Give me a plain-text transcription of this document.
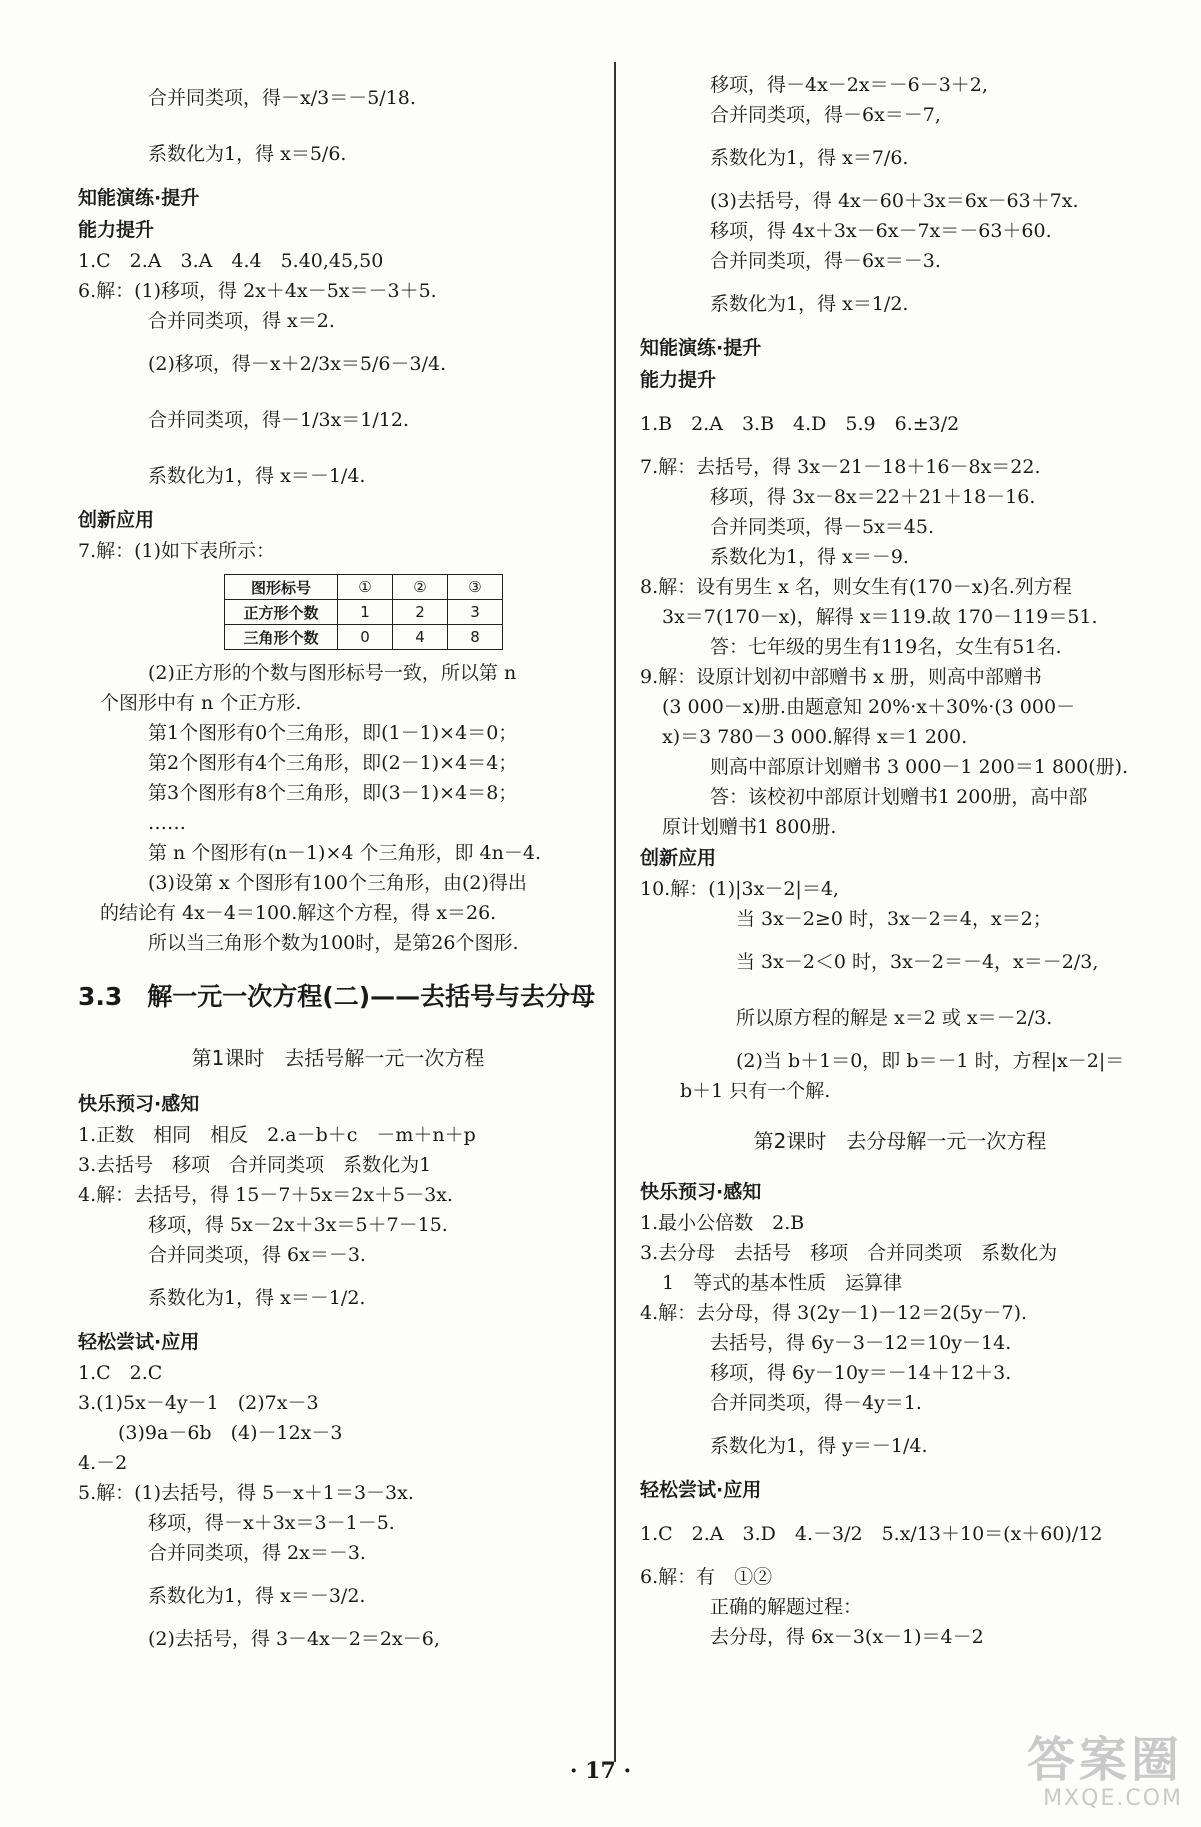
合并同类项，得－x/3＝－5/18.
系数化为1，得 x＝5/6.
知能演练·提升
能力提升
1.C　2.A　3.A　4.4　5.40,45,50
6.解：(1)移项，得 2x＋4x－5x＝－3＋5.
合并同类项，得 x＝2.
(2)移项，得－x＋2/3x＝5/6－3/4.
合并同类项，得－1/3x＝1/12.
系数化为1，得 x＝－1/4.
创新应用
7.解：(1)如下表所示：
图形标号	①	②	③
正方形个数	1	2	3
三角形个数	0	4	8
(2)正方形的个数与图形标号一致，所以第 n
个图形中有 n 个正方形.
第1个图形有0个三角形，即(1－1)×4＝0；
第2个图形有4个三角形，即(2－1)×4＝4；
第3个图形有8个三角形，即(3－1)×4＝8；
……
第 n 个图形有(n－1)×4 个三角形，即 4n－4.
(3)设第 x 个图形有100个三角形，由(2)得出
的结论有 4x－4＝100.解这个方程，得 x＝26.
所以当三角形个数为100时，是第26个图形.
3.3　解一元一次方程(二)——去括号与去分母
第1课时　去括号解一元一次方程
快乐预习·感知
1.正数　相同　相反　2.a－b＋c　－m＋n＋p
3.去括号　移项　合并同类项　系数化为1
4.解：去括号，得 15－7＋5x＝2x＋5－3x.
移项，得 5x－2x＋3x＝5＋7－15.
合并同类项，得 6x＝－3.
系数化为1，得 x＝－1/2.
轻松尝试·应用
1.C　2.C
3.(1)5x－4y－1　(2)7x－3
(3)9a－6b　(4)－12x－3
4.－2
5.解：(1)去括号，得 5－x＋1＝3－3x.
移项，得－x＋3x＝3－1－5.
合并同类项，得 2x＝－3.
系数化为1，得 x＝－3/2.
(2)去括号，得 3－4x－2＝2x－6,
移项，得－4x－2x＝－6－3＋2,
合并同类项，得－6x＝－7,
系数化为1，得 x＝7/6.
(3)去括号，得 4x－60＋3x＝6x－63＋7x.
移项，得 4x＋3x－6x－7x＝－63＋60.
合并同类项，得－6x＝－3.
系数化为1，得 x＝1/2.
知能演练·提升
能力提升
1.B　2.A　3.B　4.D　5.9　6.±3/2
7.解：去括号，得 3x－21－18＋16－8x＝22.
移项，得 3x－8x＝22＋21＋18－16.
合并同类项，得－5x＝45.
系数化为1，得 x＝－9.
8.解：设有男生 x 名，则女生有(170－x)名.列方程
3x＝7(170－x)，解得 x＝119.故 170－119＝51.
答：七年级的男生有119名，女生有51名.
9.解：设原计划初中部赠书 x 册，则高中部赠书
(3 000－x)册.由题意知 20%·x＋30%·(3 000－
x)＝3 780－3 000.解得 x＝1 200.
则高中部原计划赠书 3 000－1 200＝1 800(册).
答：该校初中部原计划赠书1 200册，高中部
原计划赠书1 800册.
创新应用
10.解：(1)|3x－2|＝4,
当 3x－2≥0 时，3x－2＝4，x＝2；
当 3x－2＜0 时，3x－2＝－4，x＝－2/3,
所以原方程的解是 x＝2 或 x＝－2/3.
(2)当 b＋1＝0，即 b＝－1 时，方程|x－2|＝
b＋1 只有一个解.
第2课时　去分母解一元一次方程
快乐预习·感知
1.最小公倍数　2.B
3.去分母　去括号　移项　合并同类项　系数化为
1　等式的基本性质　运算律
4.解：去分母，得 3(2y－1)－12＝2(5y－7).
去括号，得 6y－3－12＝10y－14.
移项，得 6y－10y＝－14＋12＋3.
合并同类项，得－4y＝1.
系数化为1，得 y＝－1/4.
轻松尝试·应用
1.C　2.A　3.D　4.－3/2　5.x/13＋10＝(x＋60)/12
6.解：有　①②
正确的解题过程：
去分母，得 6x－3(x－1)＝4－2
· 17 ·	答案圈
MXQE.COM
